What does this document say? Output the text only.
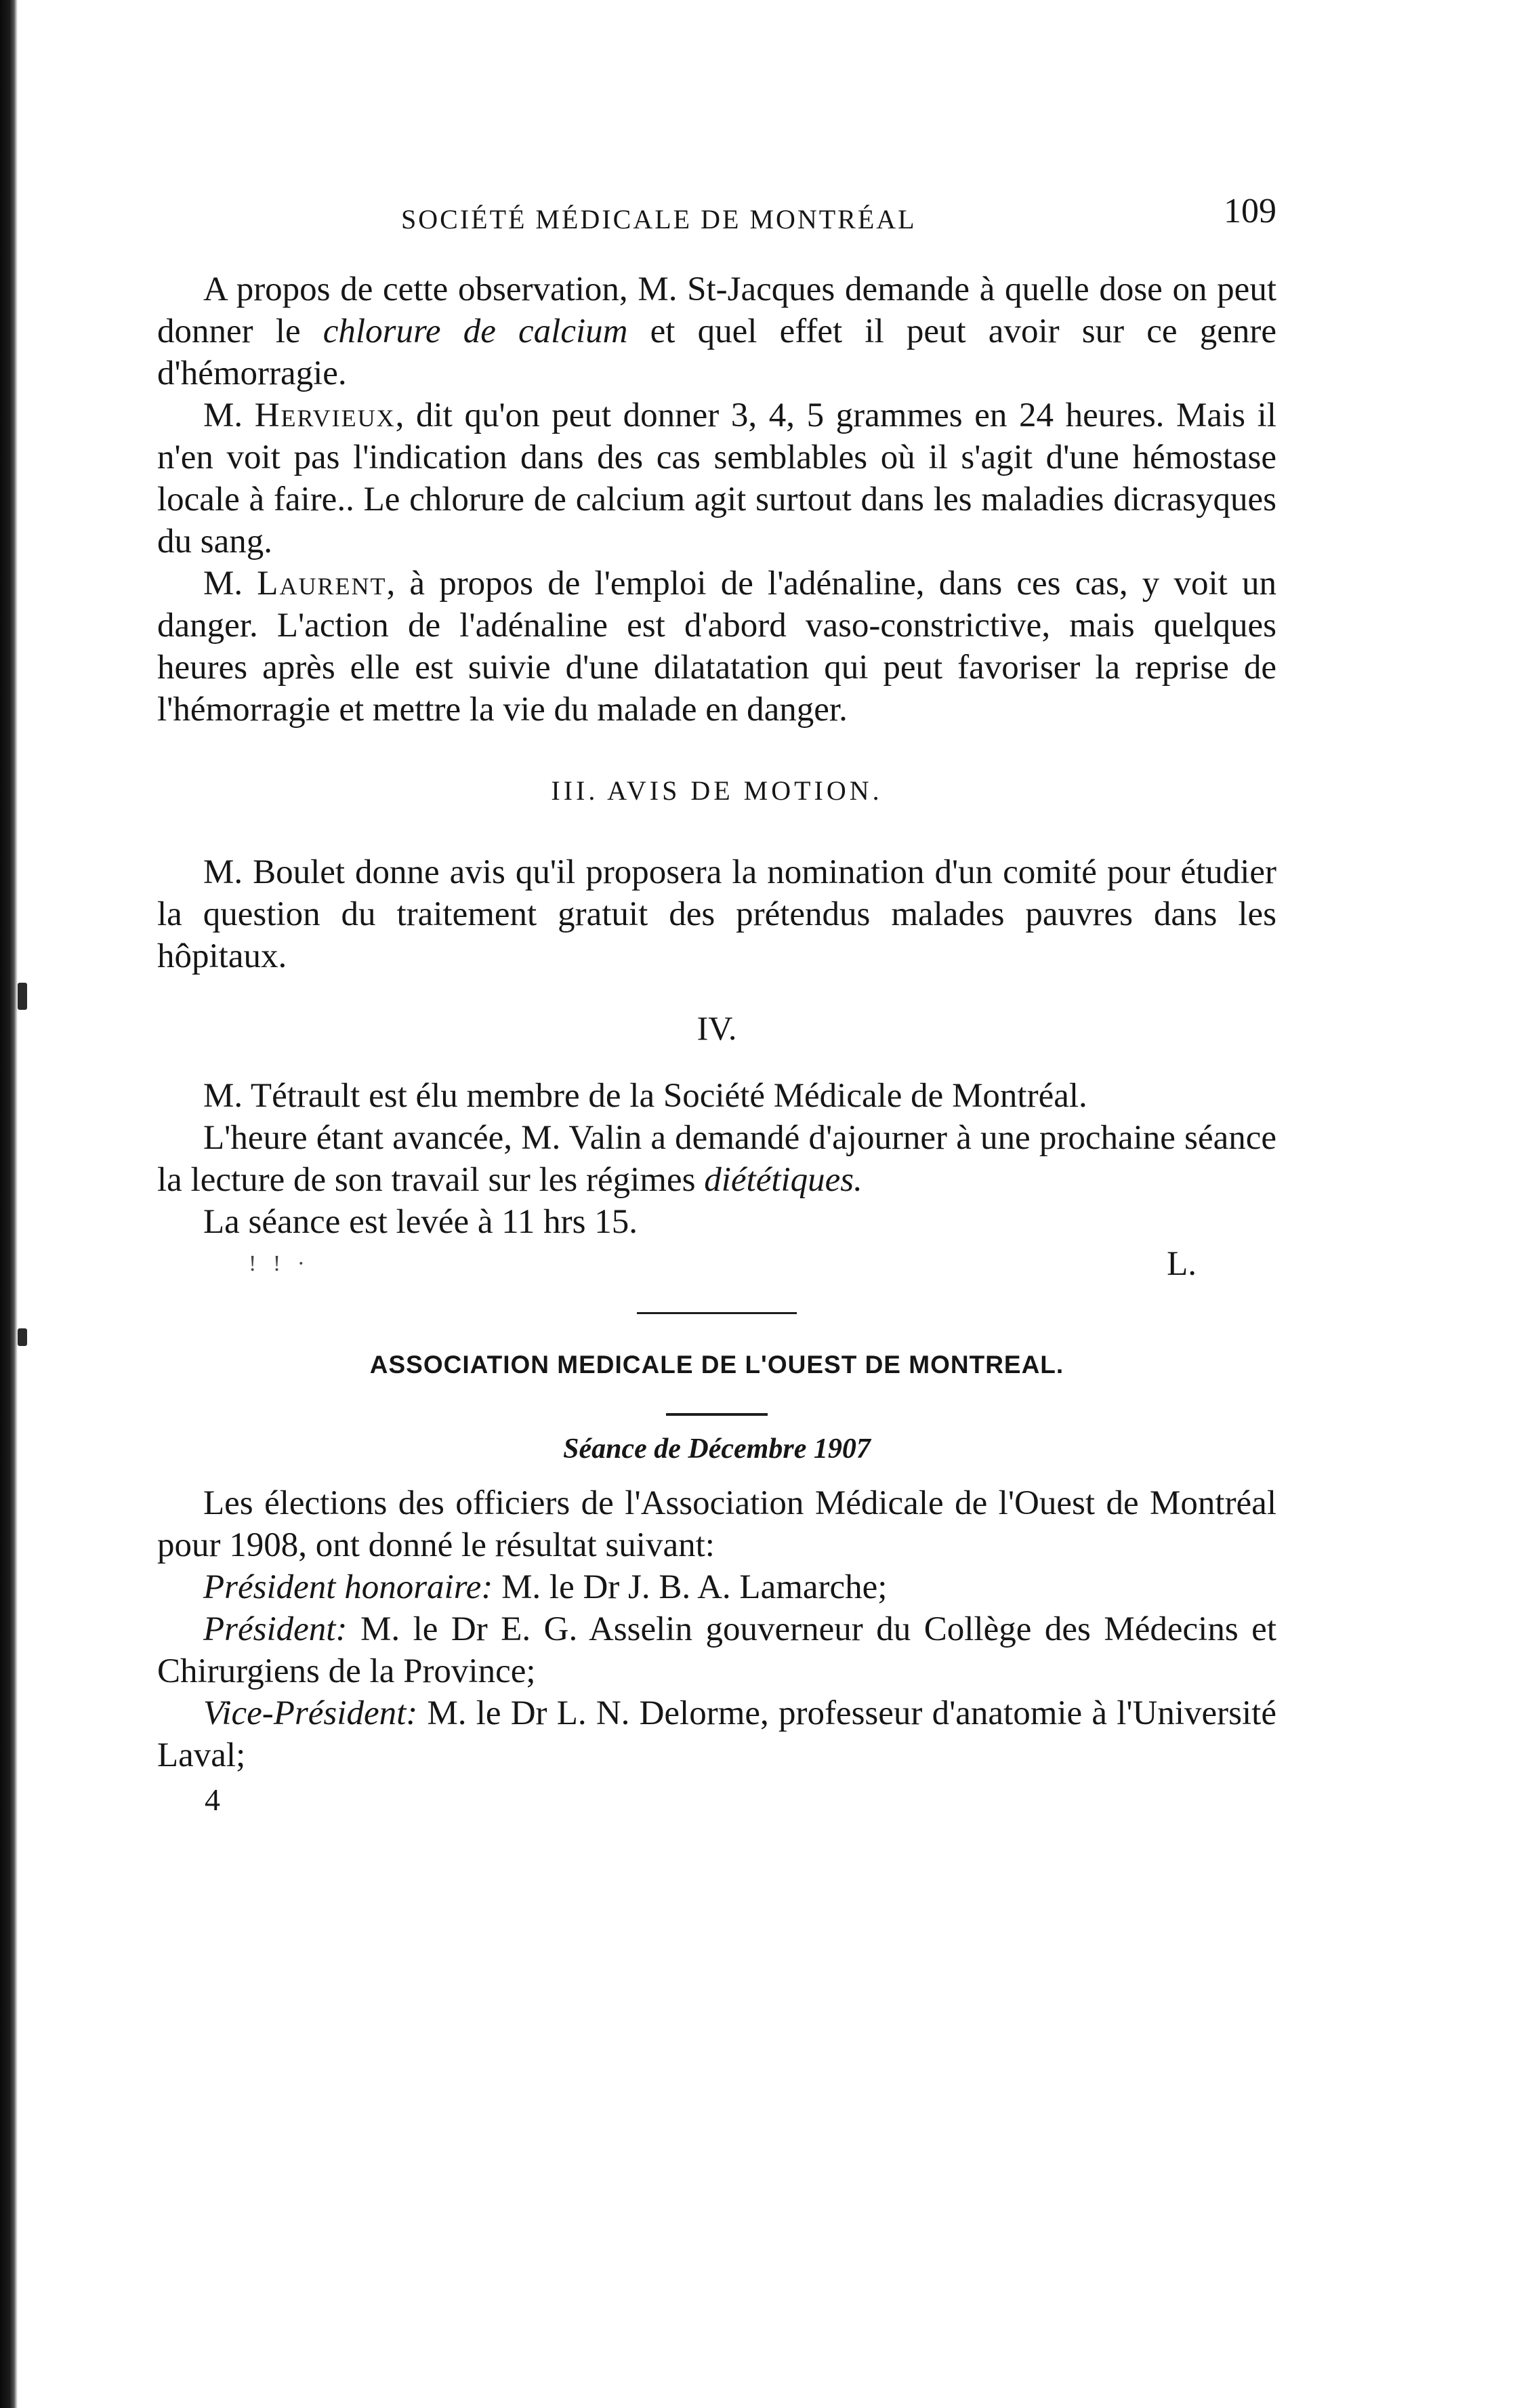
SOCIÉTÉ MÉDICALE DE MONTRÉAL	109

A propos de cette observation, M. St-Jacques demande à quelle dose on peut donner le chlorure de calcium et quel effet il peut avoir sur ce genre d'hémorragie.

M. Hervieux, dit qu'on peut donner 3, 4, 5 grammes en 24 heures. Mais il n'en voit pas l'indication dans des cas semblables où il s'agit d'une hémostase locale à faire.. Le chlorure de calcium agit surtout dans les maladies dicrasyques du sang.

M. Laurent, à propos de l'emploi de l'adénaline, dans ces cas, y voit un danger. L'action de l'adénaline est d'abord vaso-constrictive, mais quelques heures après elle est suivie d'une dilatatation qui peut favoriser la reprise de l'hémorragie et mettre la vie du malade en danger.

III. AVIS DE MOTION.

M. Boulet donne avis qu'il proposera la nomination d'un comité pour étudier la question du traitement gratuit des prétendus malades pauvres dans les hôpitaux.

IV.

M. Tétrault est élu membre de la Société Médicale de Montréal.

L'heure étant avancée, M. Valin a demandé d'ajourner à une prochaine séance la lecture de son travail sur les régimes diététiques.

La séance est levée à 11 hrs 15.

! ! ·	L.
ASSOCIATION MEDICALE DE L'OUEST DE MONTREAL.
Séance de Décembre 1907

Les élections des officiers de l'Association Médicale de l'Ouest de Montréal pour 1908, ont donné le résultat suivant:

Président honoraire: M. le Dr J. B. A. Lamarche;

Président: M. le Dr E. G. Asselin gouverneur du Collège des Médecins et Chirurgiens de la Province;

Vice-Président: M. le Dr L. N. Delorme, professeur d'anatomie à l'Université Laval;

4
